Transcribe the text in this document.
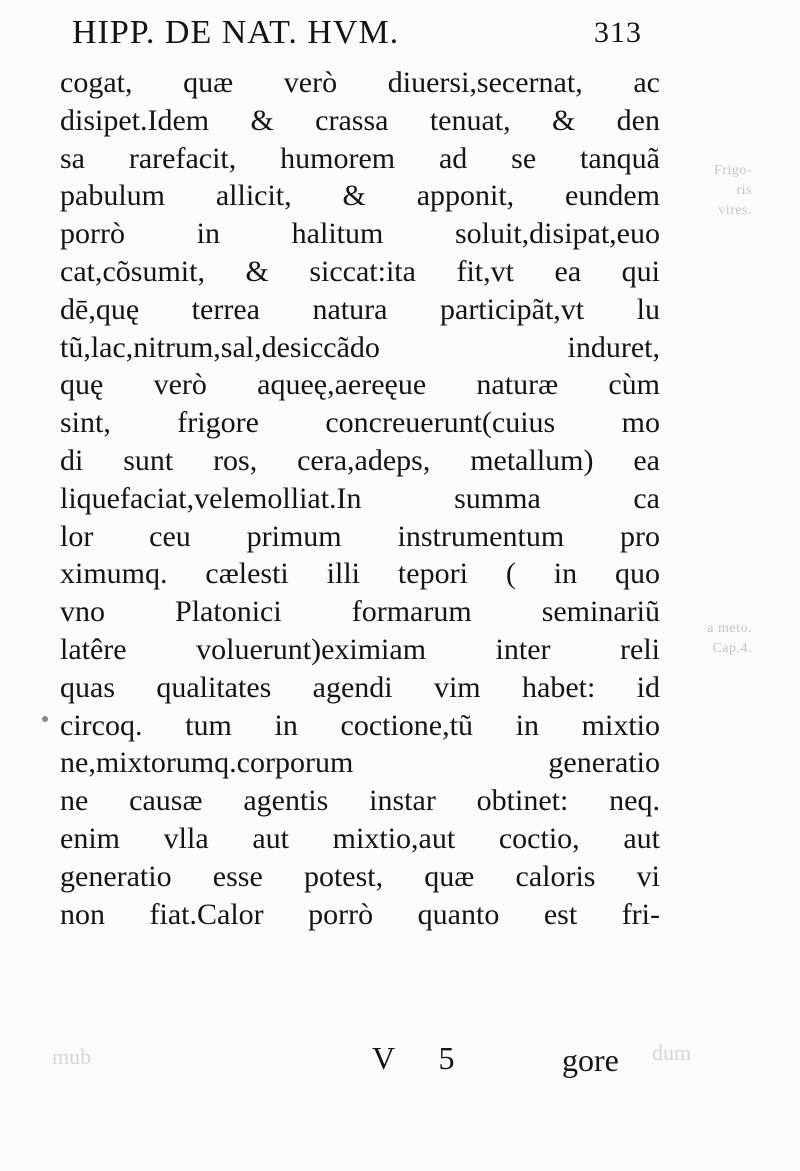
Frigo-
ris
vires.
a meto.
Cap.4.
HIPP. DE NAT. HVM.	313
cogat, quæ verò diuersi,secernat, ac
disipet.Idem & crassa tenuat, & den
sa rarefacit, humorem ad se tanquã
pabulum allicit, & apponit, eundem
porrò in halitum soluit,disipat,euo
cat,cõsumit, & siccat:ita fit,vt ea qui
dē,quę terrea natura participãt,vt lu
tũ,lac,nitrum,sal,desiccãdo induret,
quę verò aqueę,aereęue naturæ cùm
sint, frigore concreuerunt(cuius mo
di sunt ros, cera,adeps, metallum) ea
liquefaciat,velemolliat.In summa ca
lor ceu primum instrumentum pro
ximumq. cælesti illi tepori ( in quo
vno Platonici formarum seminariũ
latêre voluerunt)eximiam inter reli
quas qualitates agendi vim habet: id
circoq. tum in coctione,tũ in mixtio
ne,mixtorumq.corporum generatio
ne causæ agentis instar obtinet: neq.
enim vlla aut mixtio,aut coctio, aut
generatio esse potest, quæ caloris vi
non fiat.Calor porrò quanto est fri-
mub	dum
V 5	gore
